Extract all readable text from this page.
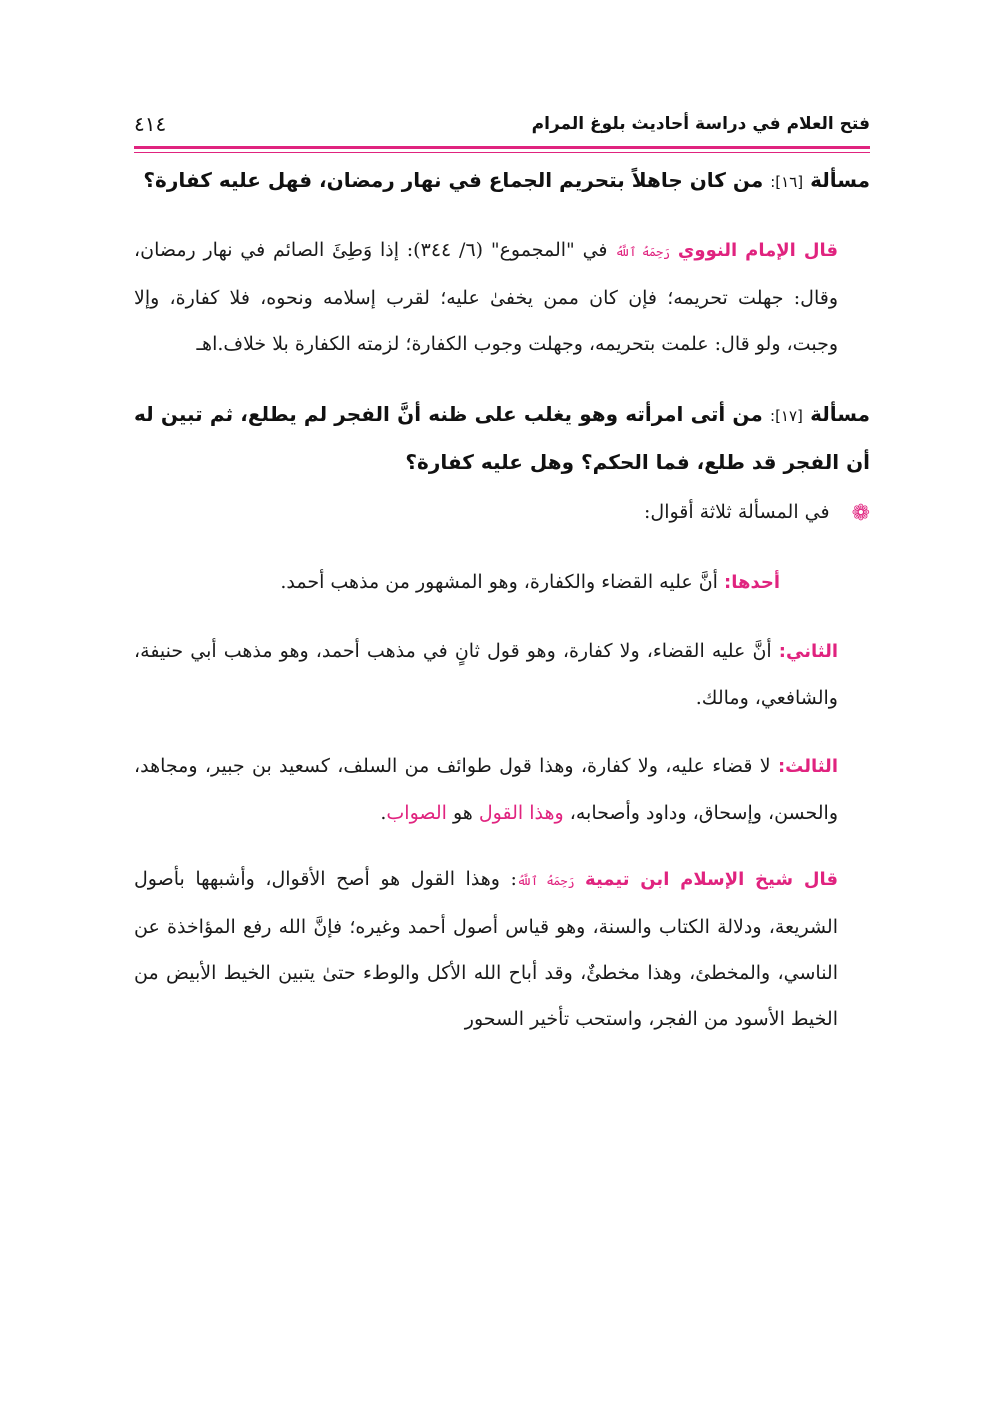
فتح العلام في دراسة أحاديث بلوغ المرام
٤١٤
مسألة [١٦]: من كان جاهلاً بتحريم الجماع في نهار رمضان، فهل عليه كفارة؟

قال الإمام النووي رَحِمَهُ ٱللَّهُ في "المجموع" (٦/ ٣٤٤): إذا وَطِئَ الصائم في نهار رمضان، وقال: جهلت تحريمه؛ فإن كان ممن يخفىٰ عليه؛ لقرب إسلامه ونحوه، فلا كفارة، وإلا وجبت، ولو قال: علمت بتحريمه، وجهلت وجوب الكفارة؛ لزمته الكفارة بلا خلاف.اهـ

مسألة [١٧]: من أتى امرأته وهو يغلب على ظنه أنَّ الفجر لم يطلع، ثم تبين له أن الفجر قد طلع، فما الحكم؟ وهل عليه كفارة؟

❁في المسألة ثلاثة أقوال:

أحدها: أنَّ عليه القضاء والكفارة، وهو المشهور من مذهب أحمد.

الثاني: أنَّ عليه القضاء، ولا كفارة، وهو قول ثانٍ في مذهب أحمد، وهو مذهب أبي حنيفة، والشافعي، ومالك.

الثالث: لا قضاء عليه، ولا كفارة، وهذا قول طوائف من السلف، كسعيد بن جبير، ومجاهد، والحسن، وإسحاق، وداود وأصحابه، وهذا القول هو الصواب.

قال شيخ الإسلام ابن تيمية رَحِمَهُ ٱللَّهُ: وهذا القول هو أصح الأقوال، وأشبهها بأصول الشريعة، ودلالة الكتاب والسنة، وهو قياس أصول أحمد وغيره؛ فإنَّ الله رفع المؤاخذة عن الناسي، والمخطئ، وهذا مخطئٌ، وقد أباح الله الأكل والوطء حتىٰ يتبين الخيط الأبيض من الخيط الأسود من الفجر، واستحب تأخير السحور
